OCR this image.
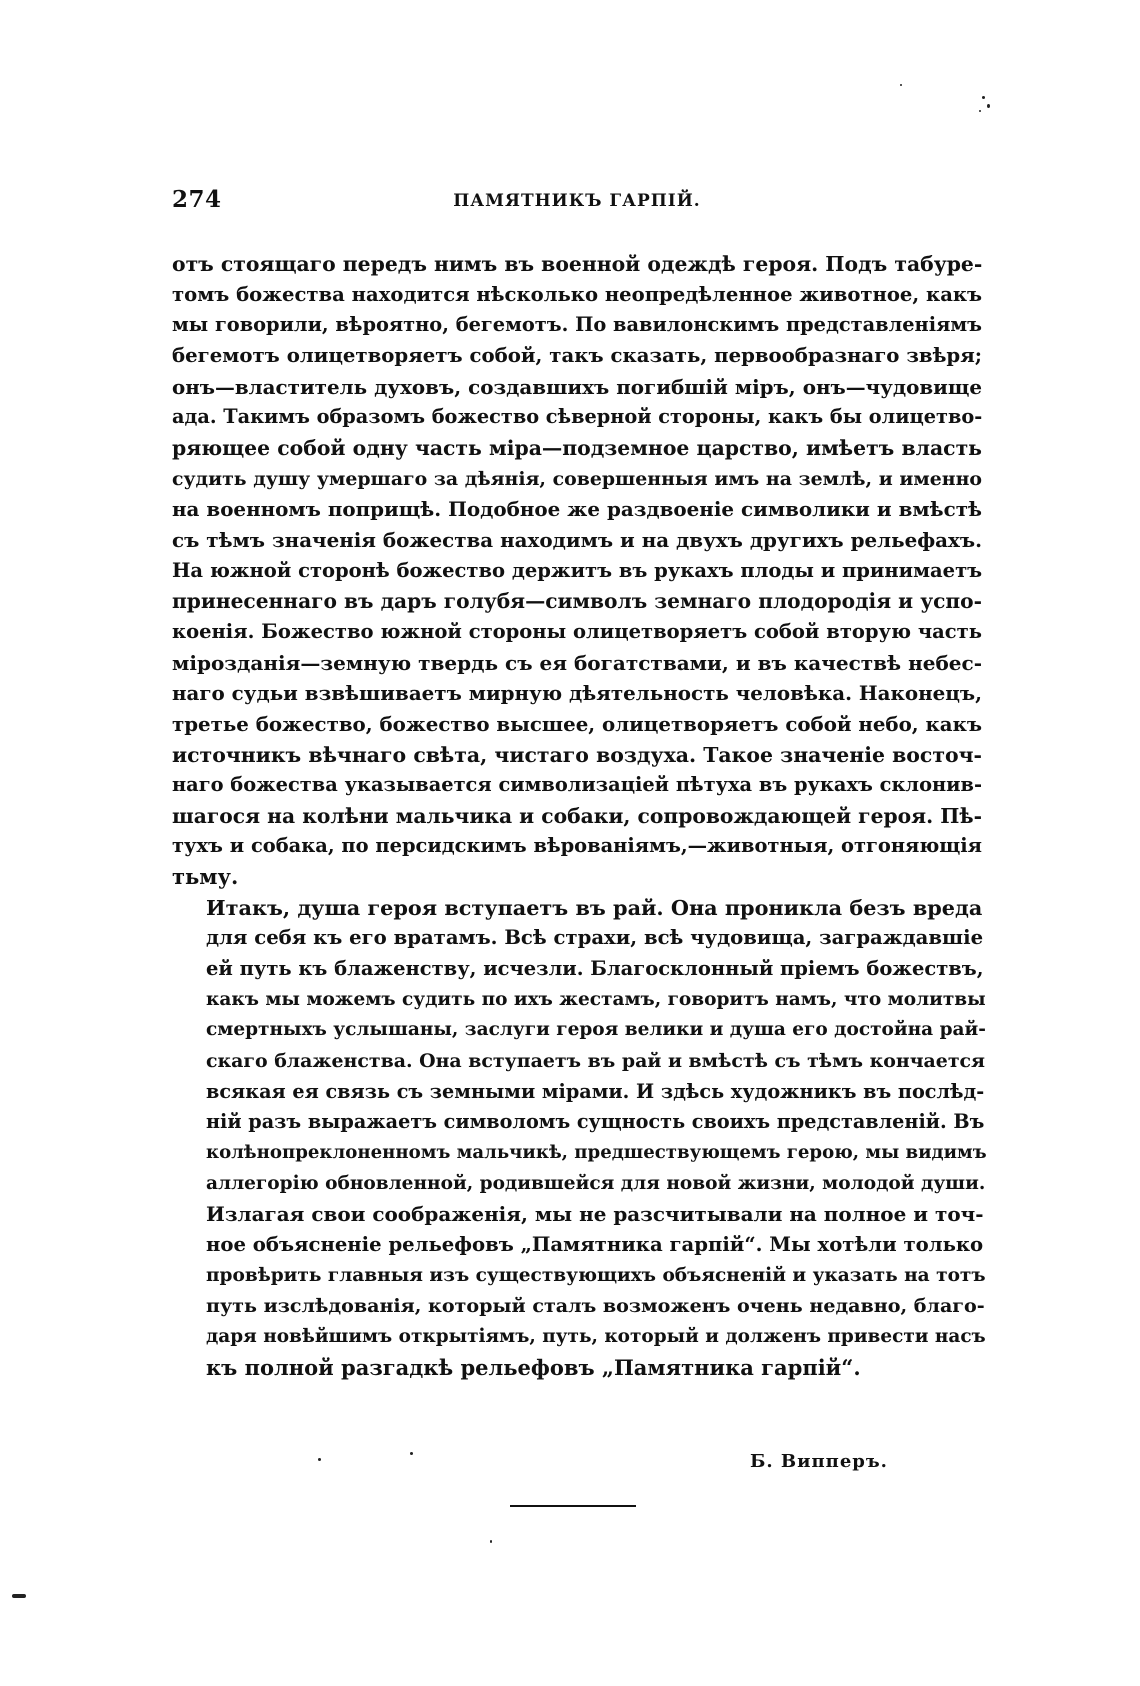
274	ПАМЯТНИКЪ ГАРПІЙ.

отъ стоящаго передъ нимъ въ военной одеждѣ героя. Подъ табуре-
томъ божества находится нѣсколько неопредѣленное животное, какъ
мы говорили, вѣроятно, бегемотъ. По вавилонскимъ представленіямъ
бегемотъ олицетворяетъ собой, такъ сказать, первообразнаго звѣря;
онъ—властитель духовъ, создавшихъ погибшій міръ, онъ—чудовище
ада. Такимъ образомъ божество сѣверной стороны, какъ бы олицетво-
ряющее собой одну часть міра—подземное царство, имѣетъ власть
судить душу умершаго за дѣянія, совершенныя имъ на землѣ, и именно
на военномъ поприщѣ. Подобное же раздвоеніе символики и вмѣстѣ
съ тѣмъ значенія божества находимъ и на двухъ другихъ рельефахъ.
На южной сторонѣ божество держитъ въ рукахъ плоды и принимаетъ
принесеннаго въ даръ голубя—символъ земнаго плодородія и успо-
коенія. Божество южной стороны олицетворяетъ собой вторую часть
мірозданія—земную твердь съ ея богатствами, и въ качествѣ небес-
наго судьи взвѣшиваетъ мирную дѣятельность человѣка. Наконецъ,
третье божество, божество высшее, олицетворяетъ собой небо, какъ
источникъ вѣчнаго свѣта, чистаго воздуха. Такое значеніе восточ-
наго божества указывается символизаціей пѣтуха въ рукахъ склонив-
шагося на колѣни мальчика и собаки, сопровождающей героя. Пѣ-
тухъ и собака, по персидскимъ вѣрованіямъ,—животныя, отгоняющія
тьму.

Итакъ, душа героя вступаетъ въ рай. Она проникла безъ вреда
для себя къ его вратамъ. Всѣ страхи, всѣ чудовища, заграждавшіе
ей путь къ блаженству, исчезли. Благосклонный пріемъ божествъ,
какъ мы можемъ судить по ихъ жестамъ, говоритъ намъ, что молитвы
смертныхъ услышаны, заслуги героя велики и душа его достойна рай-
скаго блаженства. Она вступаетъ въ рай и вмѣстѣ съ тѣмъ кончается
всякая ея связь съ земными мірами. И здѣсь художникъ въ послѣд-
ній разъ выражаетъ символомъ сущность своихъ представленій. Въ
колѣнопреклоненномъ мальчикѣ, предшествующемъ герою, мы видимъ
аллегорію обновленной, родившейся для новой жизни, молодой души.

Излагая свои соображенія, мы не разсчитывали на полное и точ-
ное объясненіе рельефовъ „Памятника гарпій“. Мы хотѣли только
провѣрить главныя изъ существующихъ объясненій и указать на тотъ
путь изслѣдованія, который сталъ возможенъ очень недавно, благо-
даря новѣйшимъ открытіямъ, путь, который и долженъ привести насъ
къ полной разгадкѣ рельефовъ „Памятника гарпій“.

Б. Випперъ.
